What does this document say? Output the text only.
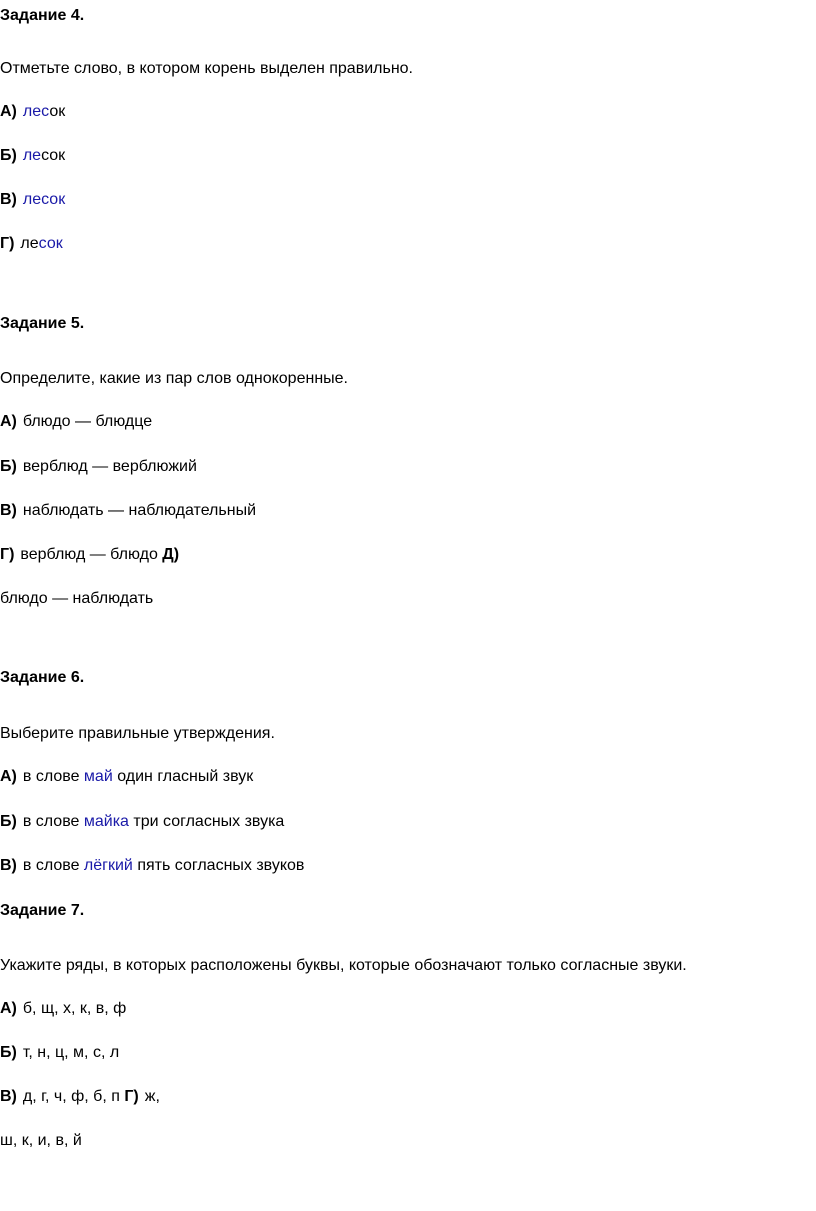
Задание 4.
Отметьте слово, в котором корень выделен правильно.
А) лесок
Б) лесок
В) лесок
Г) лесок
Задание 5.
Определите, какие из пар слов однокоренные.
А) блюдо — блюдце
Б) верблюд — верблюжий
В) наблюдать — наблюдательный
Г) верблюд — блюдо Д)
блюдо — наблюдать
Задание 6.
Выберите правильные утверждения.
А) в слове май один гласный звук
Б) в слове майка три согласных звука
В) в слове лёгкий пять согласных звуков
Задание 7.
Укажите ряды, в которых расположены буквы, которые обозначают только согласные звуки.
А) б, щ, х, к, в, ф
Б) т, н, ц, м, с, л
В) д, г, ч, ф, б, п Г) ж,
ш, к, и, в, й
